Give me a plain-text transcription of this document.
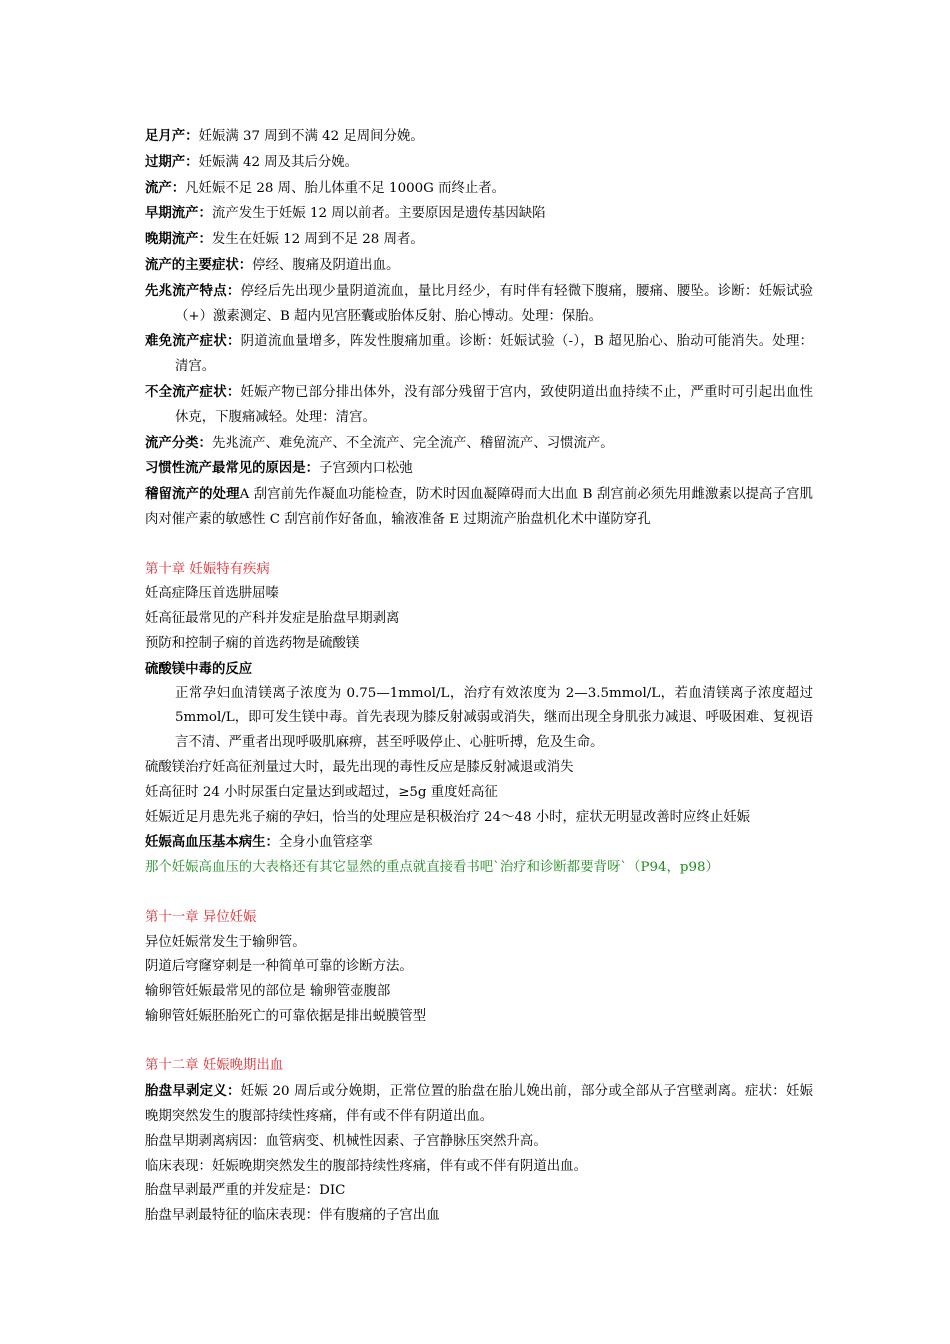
足月产：妊娠满 37 周到不满 42 足周间分娩。
过期产：妊娠满 42 周及其后分娩。
流产：凡妊娠不足 28 周、胎儿体重不足 1000G 而终止者。
早期流产：流产发生于妊娠 12 周以前者。主要原因是遗传基因缺陷
晚期流产：发生在妊娠 12 周到不足 28 周者。
流产的主要症状：停经、腹痛及阴道出血。
先兆流产特点：停经后先出现少量阴道流血，量比月经少，有时伴有轻微下腹痛，腰痛、腰坠。诊断：妊娠试验（+）激素测定、B 超内见宫胚囊或胎体反射、胎心博动。处理：保胎。
难免流产症状：阴道流血量增多，阵发性腹痛加重。诊断：妊娠试验（-），B 超见胎心、胎动可能消失。处理：清宫。
不全流产症状：妊娠产物已部分排出体外，没有部分残留于宫内，致使阴道出血持续不止，严重时可引起出血性休克，下腹痛减轻。处理：清宫。
流产分类：先兆流产、难免流产、不全流产、完全流产、稽留流产、习惯流产。
习惯性流产最常见的原因是：子宫颈内口松弛
稽留流产的处理A 刮宫前先作凝血功能检查，防术时因血凝障碍而大出血 B 刮宫前必须先用雌激素以提高子宫肌肉对催产素的敏感性 C 刮宫前作好备血，输液准备 E 过期流产胎盘机化术中谨防穿孔
第十章 妊娠特有疾病
妊高症降压首选肼屈嗪
妊高征最常见的产科并发症是胎盘早期剥离
预防和控制子痫的首选药物是硫酸镁
硫酸镁中毒的反应
正常孕妇血清镁离子浓度为 0.75—1mmol/L，治疗有效浓度为 2—3.5mmol/L，若血清镁离子浓度超过 5mmol/L，即可发生镁中毒。首先表现为膝反射减弱或消失，继而出现全身肌张力减退、呼吸困难、复视语言不清、严重者出现呼吸肌麻痹，甚至呼吸停止、心脏听搏，危及生命。
硫酸镁治疗妊高征剂量过大时，最先出现的毒性反应是膝反射减退或消失
妊高征时 24 小时尿蛋白定量达到或超过，≥5g 重度妊高征
妊娠近足月患先兆子痫的孕妇，恰当的处理应是积极治疗 24～48 小时，症状无明显改善时应终止妊娠
妊娠高血压基本病生：全身小血管痉挛
那个妊娠高血压的大表格还有其它显然的重点就直接看书吧`治疗和诊断都要背呀`（P94，p98）
第十一章 异位妊娠
异位妊娠常发生于输卵管。
阴道后穹窿穿刺是一种简单可靠的诊断方法。
输卵管妊娠最常见的部位是 输卵管壶腹部
输卵管妊娠胚胎死亡的可靠依据是排出蜕膜管型
第十二章 妊娠晚期出血
胎盘早剥定义：妊娠 20 周后或分娩期，正常位置的胎盘在胎儿娩出前，部分或全部从子宫壁剥离。症状：妊娠晚期突然发生的腹部持续性疼痛，伴有或不伴有阴道出血。
胎盘早期剥离病因：血管病变、机械性因素、子宫静脉压突然升高。
临床表现：妊娠晚期突然发生的腹部持续性疼痛，伴有或不伴有阴道出血。
胎盘早剥最严重的并发症是：DIC
胎盘早剥最特征的临床表现：伴有腹痛的子宫出血
